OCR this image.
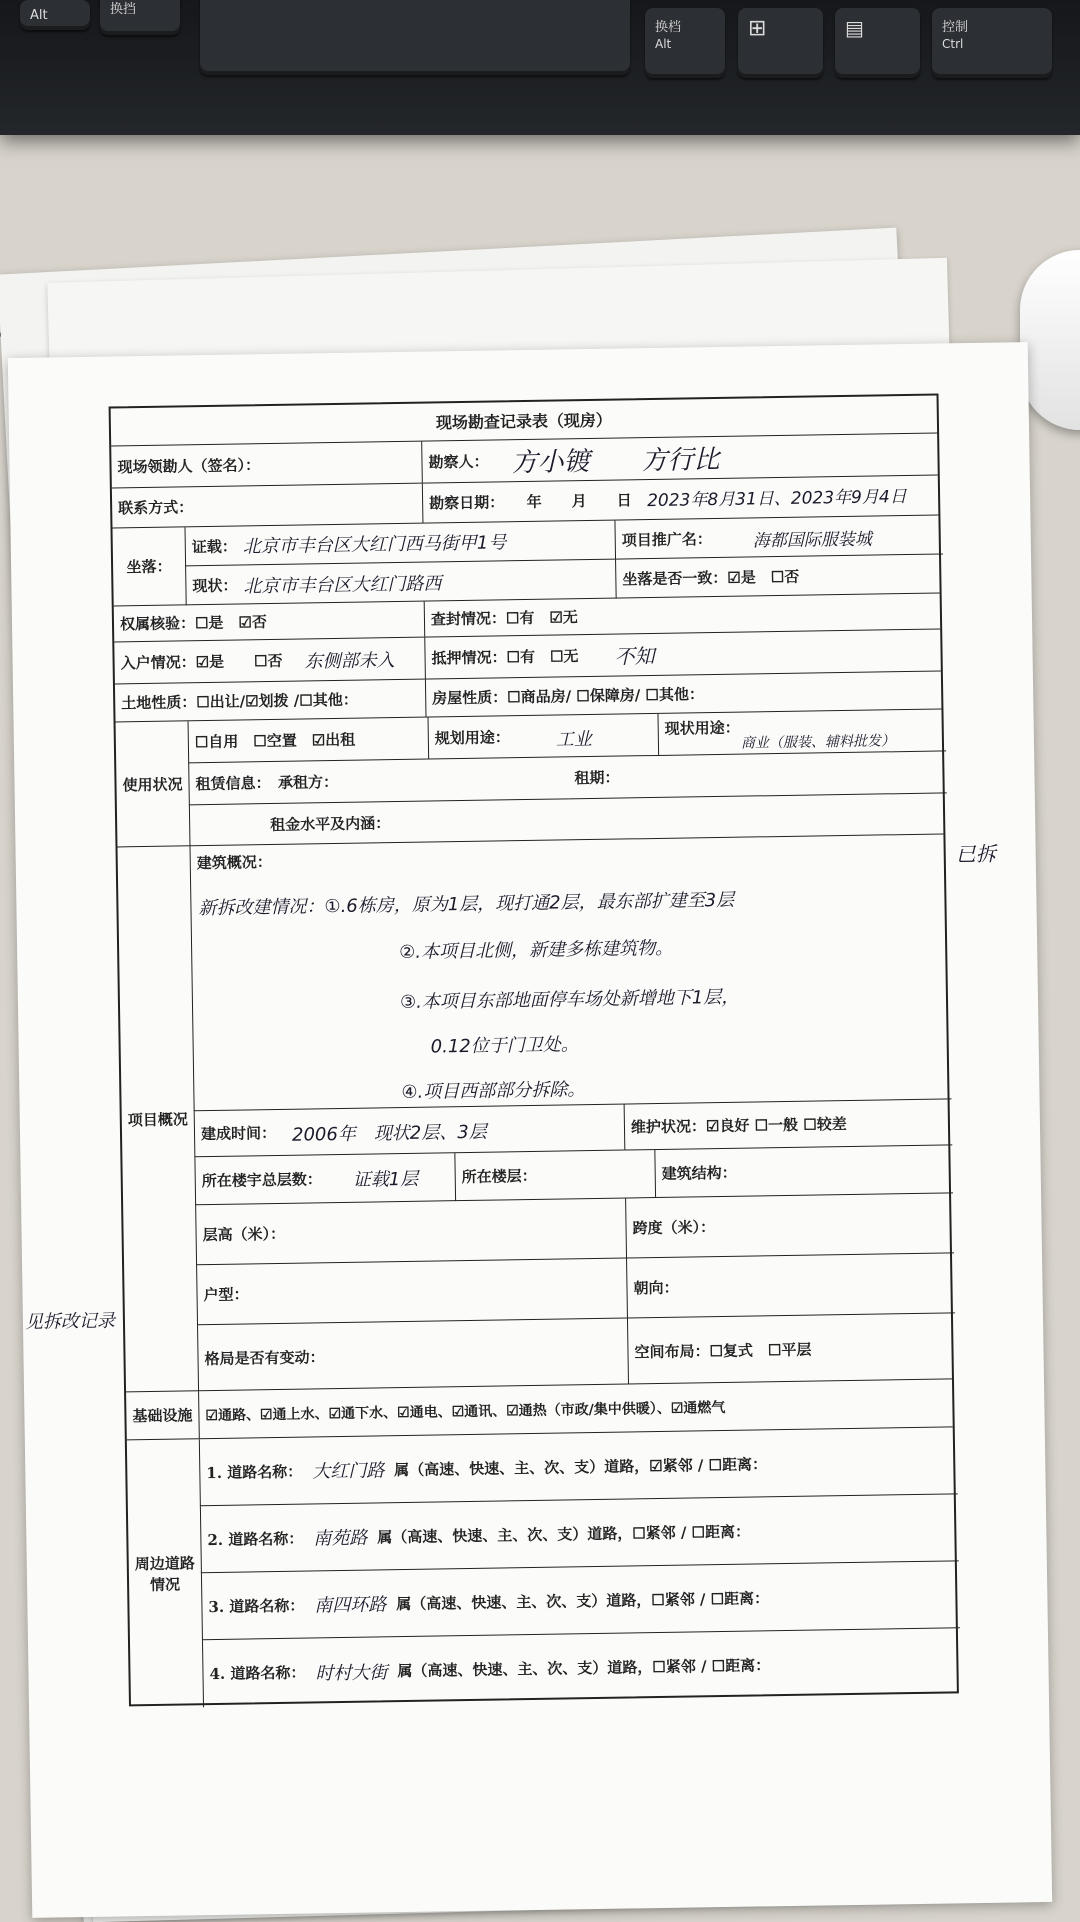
Alt	换挡
换档
Alt
⊞	▤	控制
Ctrl
现场勘查记录表（现房）
现场领勘人（签名）：	勘察人： 方小镀　　方行比
联系方式：	勘察日期：　　年　　月　　日 2023年8月31日、2023年9月4日
坐落：
证载： 北京市丰台区大红门西马街甲1号
现状： 北京市丰台区大红门路西
项目推广名：	海都国际服装城
坐落是否一致：☑是　☐否
权属核验：☐是　☑否	查封情况：☐有　☑无
入户情况：☑是　　☐否	东侧部未入	抵押情况：☐有　☐无	不知
土地性质：☐出让/☑划拨 /☐其他：	房屋性质：☐商品房/ ☐保障房/ ☐其他：
使用状况
☐自用　☐空置　☑出租	规划用途：	工业
现状用途：
商业（服装、辅料批发）
租赁信息：　承租方：	租期：
租金水平及内涵：
项目概况
建筑概况：
新拆改建情况：①.6栋房，原为1层，现打通2层，最东部扩建至3层
②.本项目北侧，新建多栋建筑物。
③.本项目东部地面停车场处新增地下1层，
0.12位于门卫处。
④.项目西部部分拆除。
建成时间： 2006年　现状2层、3层	维护状况：☑良好 ☐一般 ☐较差
所在楼宇总层数：	证载1层	所在楼层：	建筑结构：
层高（米）：	跨度（米）：
户型：	朝向：
格局是否有变动：	空间布局：☐复式　☐平层
基础设施 ☑通路、☑通上水、☑通下水、☑通电、☑通讯、☑通热（市政/集中供暖）、☑通燃气
周边道路情况
1. 道路名称： 大红门路 属（高速、快速、主、次、支）道路，☑紧邻 / ☐距离：
2. 道路名称： 南苑路 属（高速、快速、主、次、支）道路，☐紧邻 / ☐距离：
3. 道路名称： 南四环路 属（高速、快速、主、次、支）道路，☐紧邻 / ☐距离：
4. 道路名称： 时村大街 属（高速、快速、主、次、支）道路，☐紧邻 / ☐距离：
已拆
见拆改记录
